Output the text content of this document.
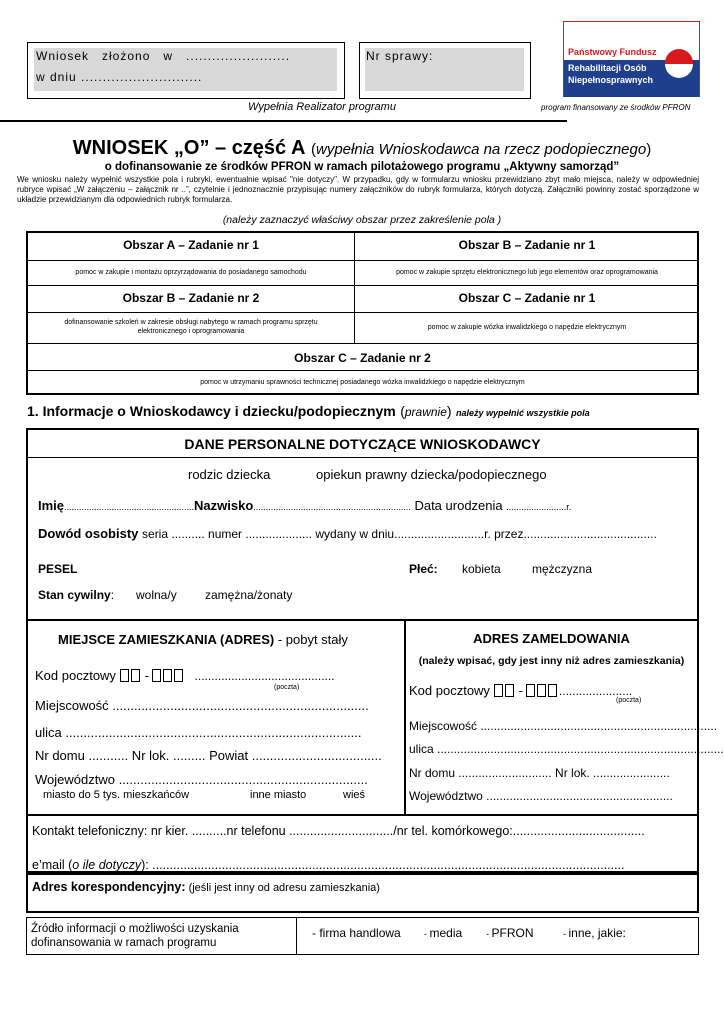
Wniosek   złożono   w   ........................
w dniu ............................
Nr sprawy:
Wypełnia Realizator programu
Państwowy Fundusz
Rehabilitacji Osób
Niepełnosprawnych
program finansowany ze środków PFRON
WNIOSEK „O” – część A (wypełnia Wnioskodawca na rzecz podopiecznego)
o dofinansowanie ze środków PFRON w ramach pilotażowego programu „Aktywny samorząd”
We wniosku należy wypełnić wszystkie pola i rubryki, ewentualnie wpisać "nie dotyczy". W przypadku, gdy w formularzu wniosku przewidziano zbyt mało miejsca, należy w odpowiedniej rubryce wpisać „W załączeniu – załącznik nr ..”, czytelnie i jednoznacznie przypisując numery załączników do rubryk formularza, których dotyczą. Załączniki powinny zostać sporządzone w układzie przewidzianym dla odpowiednich rubryk formularza.
(należy zaznaczyć właściwy obszar przez zakreślenie pola )
Obszar A – Zadanie nr 1	Obszar B – Zadanie nr 1
pomoc w zakupie i montażu oprzyrządowania do posiadanego samochodu	pomoc w zakupie sprzętu elektronicznego lub jego elementów oraz oprogramowania
Obszar B – Zadanie nr 2	Obszar C – Zadanie nr 1
dofinansowanie szkoleń w zakresie obsługi nabytego w ramach programu sprzętu elektronicznego i oprogramowania
pomoc w zakupie wózka inwalidzkiego o napędzie elektrycznym
Obszar C – Zadanie nr 2
pomoc w utrzymaniu sprawności technicznej posiadanego wózka inwalidzkiego o napędzie elektrycznym
1. Informacje o Wnioskodawcy i dziecku/podopiecznym (prawnie) należy wypełnić wszystkie pola
DANE PERSONALNE DOTYCZĄCE WNIOSKODAWCY
rodzic dziecka	opiekun prawny dziecka/podopiecznego
Imię....................................................Nazwisko............................................................... Data urodzenia ........................r.
Dowód osobisty seria .......... numer .................... wydany w dniu...........................r. przez........................................
PESEL	Płeć: kobieta	mężczyzna
Stan cywilny: wolna/y zamężna/żonaty
MIEJSCE ZAMIESZKANIA (ADRES) - pobyt stały
Kod pocztowy -	..........................................
(poczta)
Miejscowość .......................................................................
ulica ..................................................................................
Nr domu ........... Nr lok. ......... Powiat ....................................
Województwo .....................................................................
miasto do 5 tys. mieszkańców	inne miasto	wieś
ADRES ZAMELDOWANIA
(należy wpisać, gdy jest inny niż adres zamieszkania)
Kod pocztowy -	......................
(poczta)
Miejscowość .......................................................................
ulica ......................................................................................
Nr domu ............................ Nr lok. .......................
Województwo ........................................................
Kontakt telefoniczny: nr kier. ..........nr telefonu ............................../nr tel. komórkowego:......................................
e’mail (o ile dotyczy): ........................................................................................................................................
Adres korespondencyjny: (jeśli jest inny od adresu zamieszkania)
Źródło informacji o możliwości uzyskania dofinansowania w ramach programu
- firma handlowa	- media	- PFRON	- inne, jakie:
